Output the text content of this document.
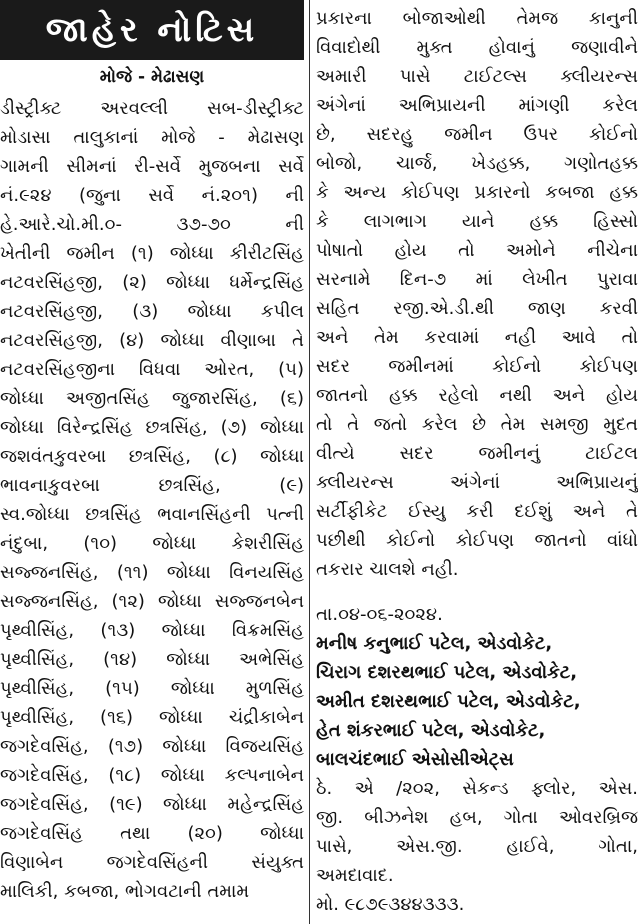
જાહેર નોટિસ
મોજે - મેઢાસણ
ડીસ્ટ્રીક્ટ અરવલ્લી સબ-ડીસ્ટ્રીક્ટ
મોડાસા તાલુકાનાં મોજે - મેઢાસણ
ગામની સીમનાં રી-સર્વે મુજબના સર્વે
નં.૯૨૪ (જુના સર્વે નં.૨૦૧) ની
હે.આરે.ચો.મી.૦- ૩૭-૭૦ ની
ખેતીની જમીન (૧) જોધ્ધા કીરીટસિંહ
નટવરસિંહજી, (૨) જોધ્ધા ધર્મેન્દ્રસિંહ
નટવરસિંહજી, (૩) જોધ્ધા કપીલ
નટવરસિંહજી, (૪) જોધ્ધા વીણાબા તે
નટવરસિંહજીના વિધવા ઓરત, (૫)
જોધ્ધા અજીતસિંહ જુજારસિંહ, (૬)
જોધ્ધા વિરેન્દ્રસિંહ છત્રસિંહ, (૭) જોધ્ધા
જશવંતકુવરબા છત્રસિંહ, (૮) જોધ્ધા
ભાવનાકુવરબા છત્રસિંહ, (૯)
સ્વ.જોધ્ધા છત્રસિંહ ભવાનસિંહની પત્ની
નંદુબા, (૧૦) જોધ્ધા કેશરીસિંહ
સજ્જનસિંહ, (૧૧) જોધ્ધા વિનયસિંહ
સજ્જનસિંહ, (૧૨) જોધ્ધા સજ્જનબેન
પૃથ્વીસિંહ, (૧૩) જોધ્ધા વિક્રમસિંહ
પૃથ્વીસિંહ, (૧૪) જોધ્ધા અભેસિંહ
પૃથ્વીસિંહ, (૧૫) જોધ્ધા મુળસિંહ
પૃથ્વીસિંહ, (૧૬) જોધ્ધા ચંદ્રીકાબેન
જગદેવસિંહ, (૧૭) જોધ્ધા વિજયસિંહ
જગદેવસિંહ, (૧૮) જોધ્ધા કલ્પનાબેન
જગદેવસિંહ, (૧૯) જોધ્ધા મહેન્દ્રસિંહ
જગદેવસિંહ તથા (૨૦) જોધ્ધા
વિણાબેન જગદેવસિંહની સંયુક્ત
માલિકી, કબજા, ભોગવટાની તમામ
પ્રકારના બોજાઓથી તેમજ કાનુની
વિવાદોથી મુક્ત હોવાનું જણાવીને
અમારી પાસે ટાઈટલ્સ ક્લીયરન્સ
અંગેનાં અભિપ્રાયની માંગણી કરેલ
છે, સદરહુ જમીન ઉપર કોઈનો
બોજો, ચાર્જ, ખેડહક્ક, ગણોતહક્ક
કે અન્ય કોઈપણ પ્રકારનો કબજા હક્ક
કે લાગભાગ યાને હક્ક હિસ્સો
પોષાતો હોય તો અમોને નીચેના
સરનામે દિન-૭ માં લેખીત પુરાવા
સહિત રજી.એ.ડી.થી જાણ કરવી
અને તેમ કરવામાં નહી આવે તો
સદર જમીનમાં કોઈનો કોઈપણ
જાતનો હક્ક રહેલો નથી અને હોય
તો તે જતો કરેલ છે તેમ સમજી મુદત
વીત્યે સદર જમીનનું ટાઈટલ
ક્લીયરન્સ અંગેનાં અભિપ્રાયનું
સર્ટીફીકેટ ઈસ્યુ કરી દઈશું અને તે
પછીથી કોઈનો કોઈપણ જાતનો વાંધો
તકરાર ચાલશે નહી.
તા.૦૪-૦૬-૨૦૨૪.
મનીષ કનુભાઈ પટેલ, એડવોકેટ,
ચિરાગ દશરથભાઈ પટેલ, એડવોકેટ,
અમીત દશરથભાઈ પટેલ, એડવોકેટ,
હેત શંકરભાઈ પટેલ, એડવોકેટ,
બાલચંદભાઈ એસોસીએટ્સ
ઠે. એ /૨૦૨, સેકન્ડ ફ્લોર, એસ.
જી. બીઝનેશ હબ, ગોતા ઓવરબ્રિજ
પાસે, એસ.જી. હાઈવે, ગોતા,
અમદાવાદ.
મો. ૯૮૭૯૩૪૪૩૩૩.
